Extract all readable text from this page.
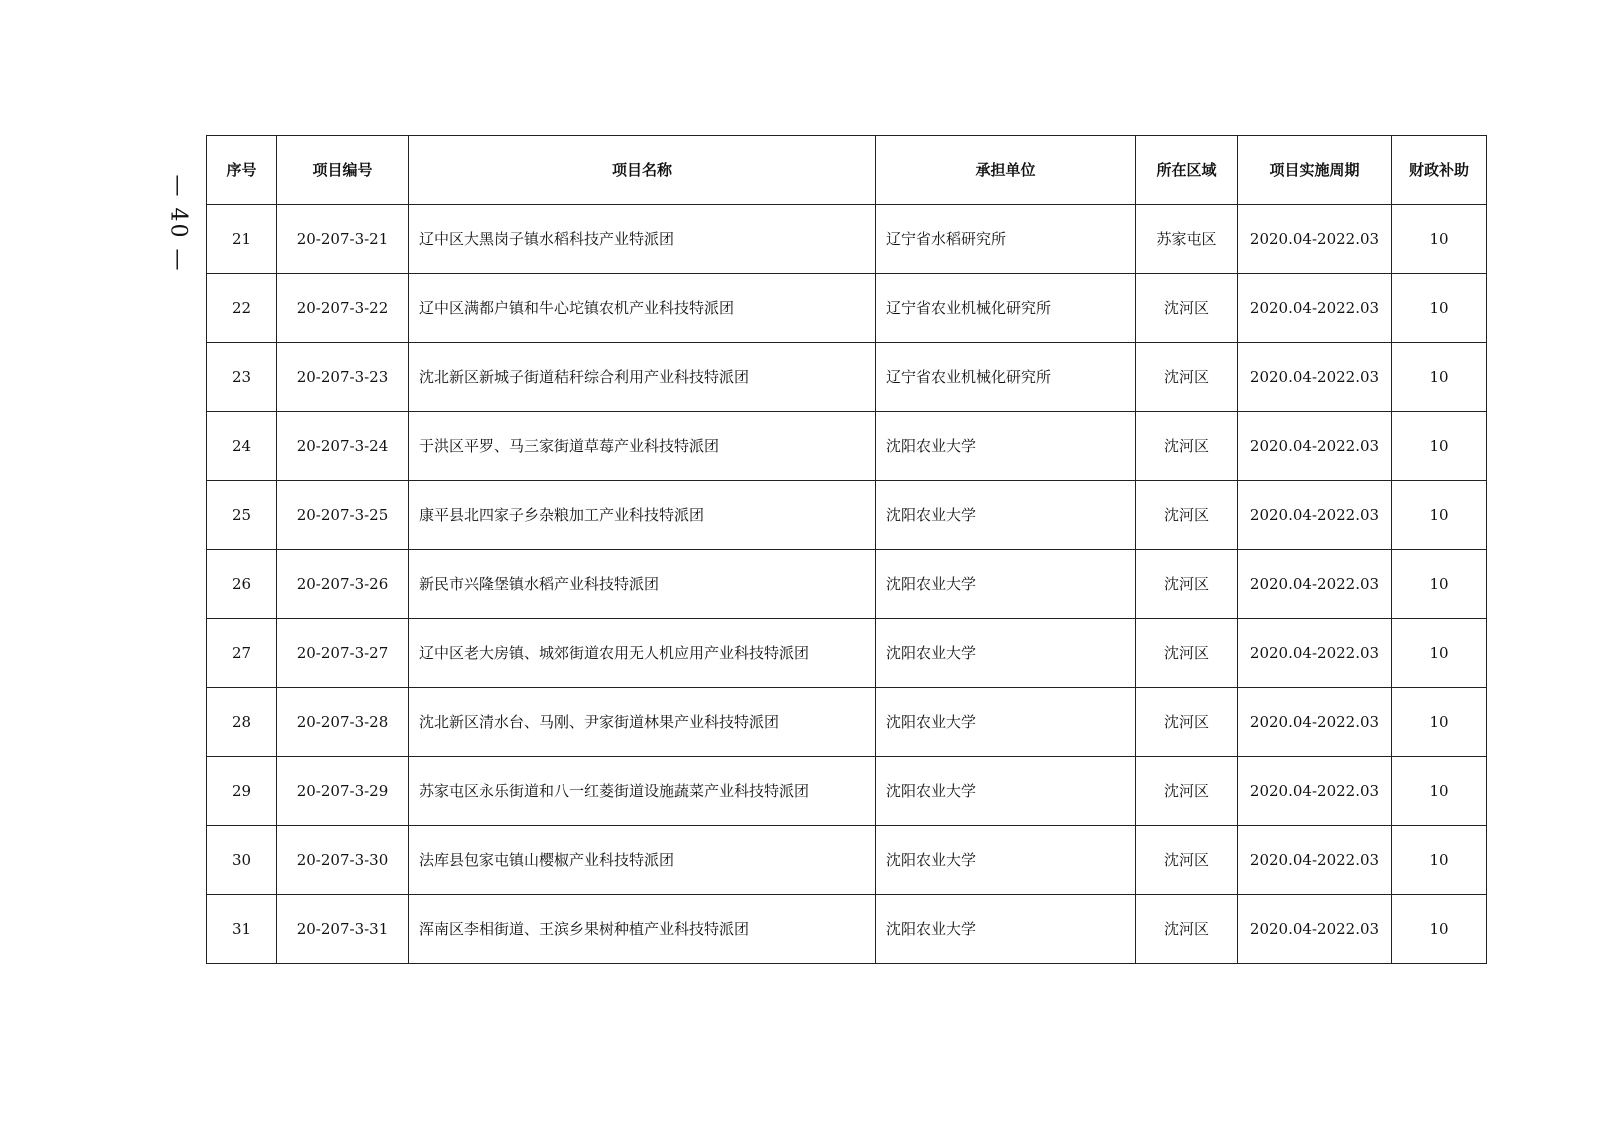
— 40 —
序号	项目编号	项目名称	承担单位	所在区域	项目实施周期	财政补助
21	20-207-3-21	辽中区大黑岗子镇水稻科技产业特派团	辽宁省水稻研究所	苏家屯区	2020.04-2022.03	10
22	20-207-3-22	辽中区满都户镇和牛心坨镇农机产业科技特派团	辽宁省农业机械化研究所	沈河区	2020.04-2022.03	10
23	20-207-3-23	沈北新区新城子街道秸秆综合利用产业科技特派团	辽宁省农业机械化研究所	沈河区	2020.04-2022.03	10
24	20-207-3-24	于洪区平罗、马三家街道草莓产业科技特派团	沈阳农业大学	沈河区	2020.04-2022.03	10
25	20-207-3-25	康平县北四家子乡杂粮加工产业科技特派团	沈阳农业大学	沈河区	2020.04-2022.03	10
26	20-207-3-26	新民市兴隆堡镇水稻产业科技特派团	沈阳农业大学	沈河区	2020.04-2022.03	10
27	20-207-3-27	辽中区老大房镇、城郊街道农用无人机应用产业科技特派团	沈阳农业大学	沈河区	2020.04-2022.03	10
28	20-207-3-28	沈北新区清水台、马刚、尹家街道林果产业科技特派团	沈阳农业大学	沈河区	2020.04-2022.03	10
29	20-207-3-29	苏家屯区永乐街道和八一红菱街道设施蔬菜产业科技特派团	沈阳农业大学	沈河区	2020.04-2022.03	10
30	20-207-3-30	法库县包家屯镇山樱椒产业科技特派团	沈阳农业大学	沈河区	2020.04-2022.03	10
31	20-207-3-31	浑南区李相街道、王滨乡果树种植产业科技特派团	沈阳农业大学	沈河区	2020.04-2022.03	10
